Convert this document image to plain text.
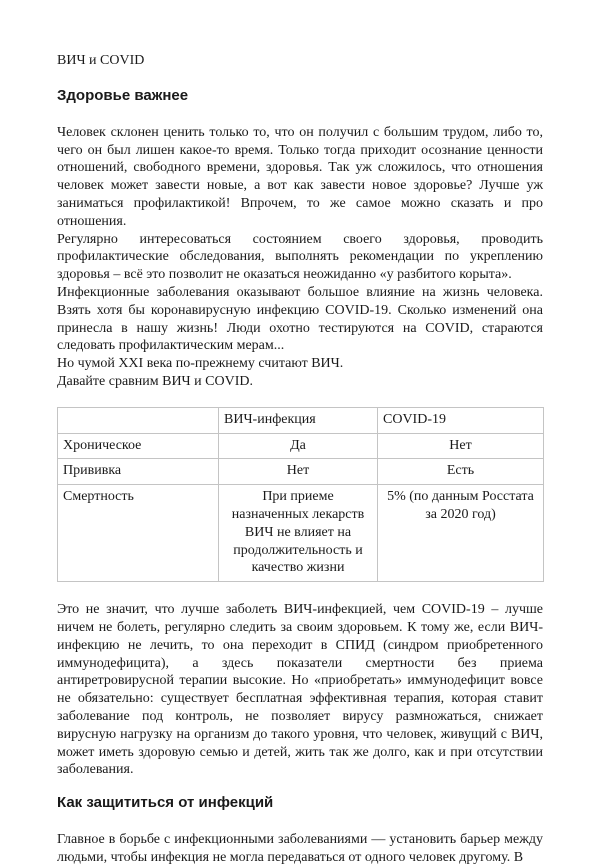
ВИЧ и COVID

Здоровье важнее

Человек склонен ценить только то, что он получил с большим трудом, либо то, чего он был лишен какое-то время. Только тогда приходит осознание ценности отношений, свободного времени, здоровья. Так уж сложилось, что отношения человек может завести новые, а вот как завести новое здоровье? Лучше уж заниматься профилактикой! Впрочем, то же самое можно сказать и про отношения.

Регулярно интересоваться состоянием своего здоровья, проводить профилактические обследования, выполнять рекомендации по укреплению здоровья – всё это позволит не оказаться неожиданно «у разбитого корыта».

Инфекционные заболевания оказывают большое влияние на жизнь человека. Взять хотя бы коронавирусную инфекцию COVID-19. Сколько изменений она принесла в нашу жизнь! Люди охотно тестируются на COVID, стараются следовать профилактическим мерам...

Но чумой XXI века по-прежнему считают ВИЧ.

Давайте сравним ВИЧ и COVID.

	ВИЧ-инфекция	COVID-19
Хроническое	Да	Нет
Прививка	Нет	Есть
Смертность	При приеме назначенных лекарств ВИЧ не влияет на продолжительность и качество жизни	5% (по данным Росстата за 2020 год)

Это не значит, что лучше заболеть ВИЧ-инфекцией, чем COVID-19 – лучше ничем не болеть, регулярно следить за своим здоровьем. К тому же, если ВИЧ-инфекцию не лечить, то она переходит в СПИД (синдром приобретенного иммунодефицита), а здесь показатели смертности без приема антиретровирусной терапии высокие. Но «приобретать» иммунодефицит вовсе не обязательно: существует бесплатная эффективная терапия, которая ставит заболевание под контроль, не позволяет вирусу размножаться, снижает вирусную нагрузку на организм до такого уровня, что человек, живущий с ВИЧ, может иметь здоровую семью и детей, жить так же долго, как и при отсутствии заболевания.

Как защититься от инфекций

Главное в борьбе с инфекционными заболеваниями — установить барьер между людьми, чтобы инфекция не могла передаваться от одного человек другому. В
